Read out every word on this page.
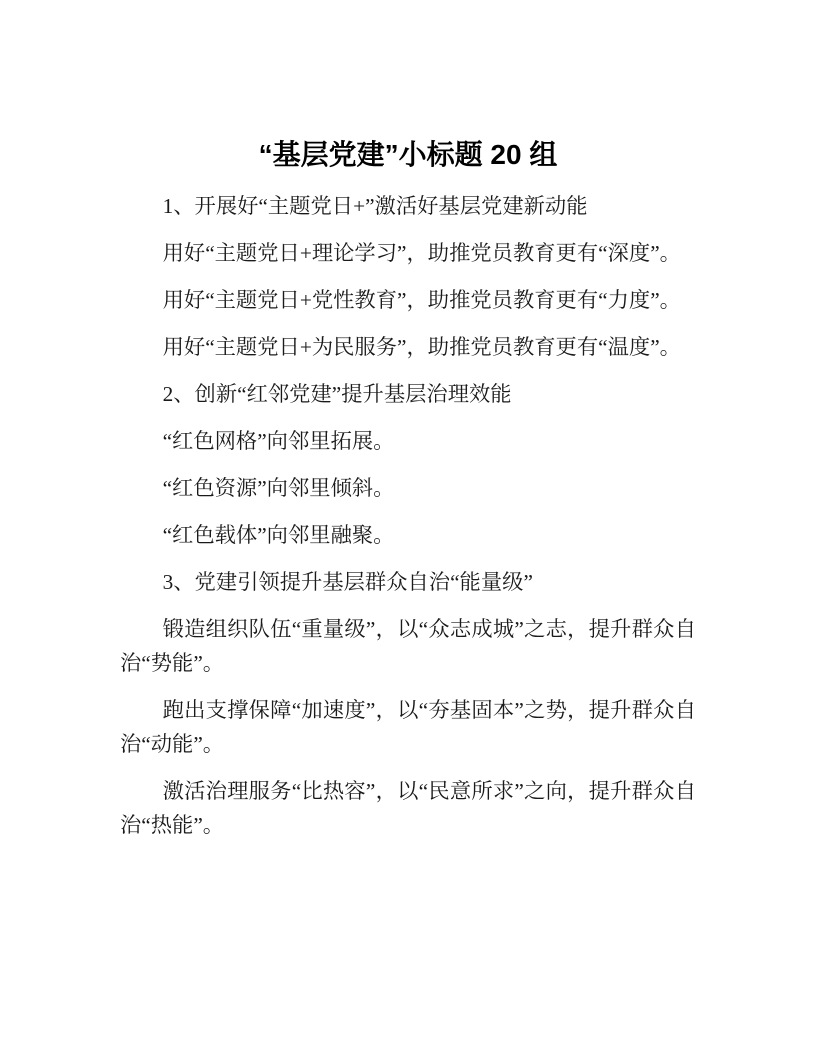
“基层党建”小标题 20 组

1、开展好“主题党日+”激活好基层党建新动能

用好“主题党日+理论学习”，助推党员教育更有“深度”。

用好“主题党日+党性教育”，助推党员教育更有“力度”。

用好“主题党日+为民服务”，助推党员教育更有“温度”。

2、创新“红邻党建”提升基层治理效能

“红色网格”向邻里拓展。

“红色资源”向邻里倾斜。

“红色载体”向邻里融聚。

3、党建引领提升基层群众自治“能量级”

锻造组织队伍“重量级”，以“众志成城”之志，提升群众自治“势能”。

跑出支撑保障“加速度”，以“夯基固本”之势，提升群众自治“动能”。

激活治理服务“比热容”，以“民意所求”之向，提升群众自治“热能”。
